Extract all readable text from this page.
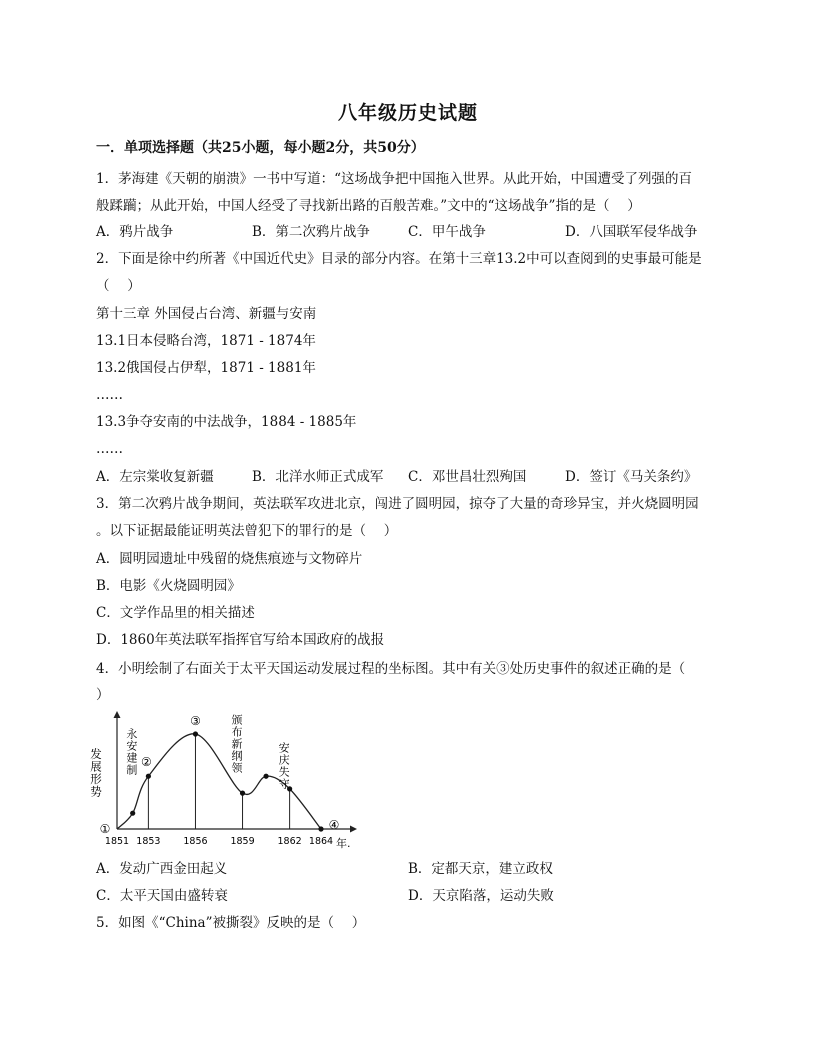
八年级历史试题
一．单项选择题（共25小题，每小题2分，共50分）
1．茅海建《天朝的崩溃》一书中写道：“这场战争把中国拖入世界。从此开始，中国遭受了列强的百
般蹂躏；从此开始，中国人经受了寻找新出路的百般苦难。”文中的“这场战争”指的是（　 ）
A．鸦片战争	B．第二次鸦片战争	C．甲午战争	D．八国联军侵华战争
2．下面是徐中约所著《中国近代史》目录的部分内容。在第十三章13.2中可以查阅到的史事最可能是
（　 ）
第十三章 外国侵占台湾、新疆与安南
13.1日本侵略台湾，1871 - 1874年
13.2俄国侵占伊犁，1871 - 1881年
……
13.3争夺安南的中法战争，1884 - 1885年
……
A．左宗棠收复新疆	B．北洋水师正式成军 C．邓世昌壮烈殉国	D．签订《马关条约》
3．第二次鸦片战争期间，英法联军攻进北京，闯进了圆明园，掠夺了大量的奇珍异宝，并火烧圆明园
。以下证据最能证明英法曾犯下的罪行的是（　 ）
A．圆明园遗址中残留的烧焦痕迹与文物碎片
B．电影《火烧圆明园》
C．文学作品里的相关描述
D．1860年英法联军指挥官写给本国政府的战报
4．小明绘制了右面关于太平天国运动发展过程的坐标图。其中有关③处历史事件的叙述正确的是（
）
发展形势
年.
1851 1853 1856 1859 1862 1864
①
②
③
④
永安建制	颁布新纲领	安庆失守
A．发动广西金田起义	B．定都天京，建立政权
C．太平天国由盛转衰	D．天京陷落，运动失败
5．如图《“China”被撕裂》反映的是（　 ）
